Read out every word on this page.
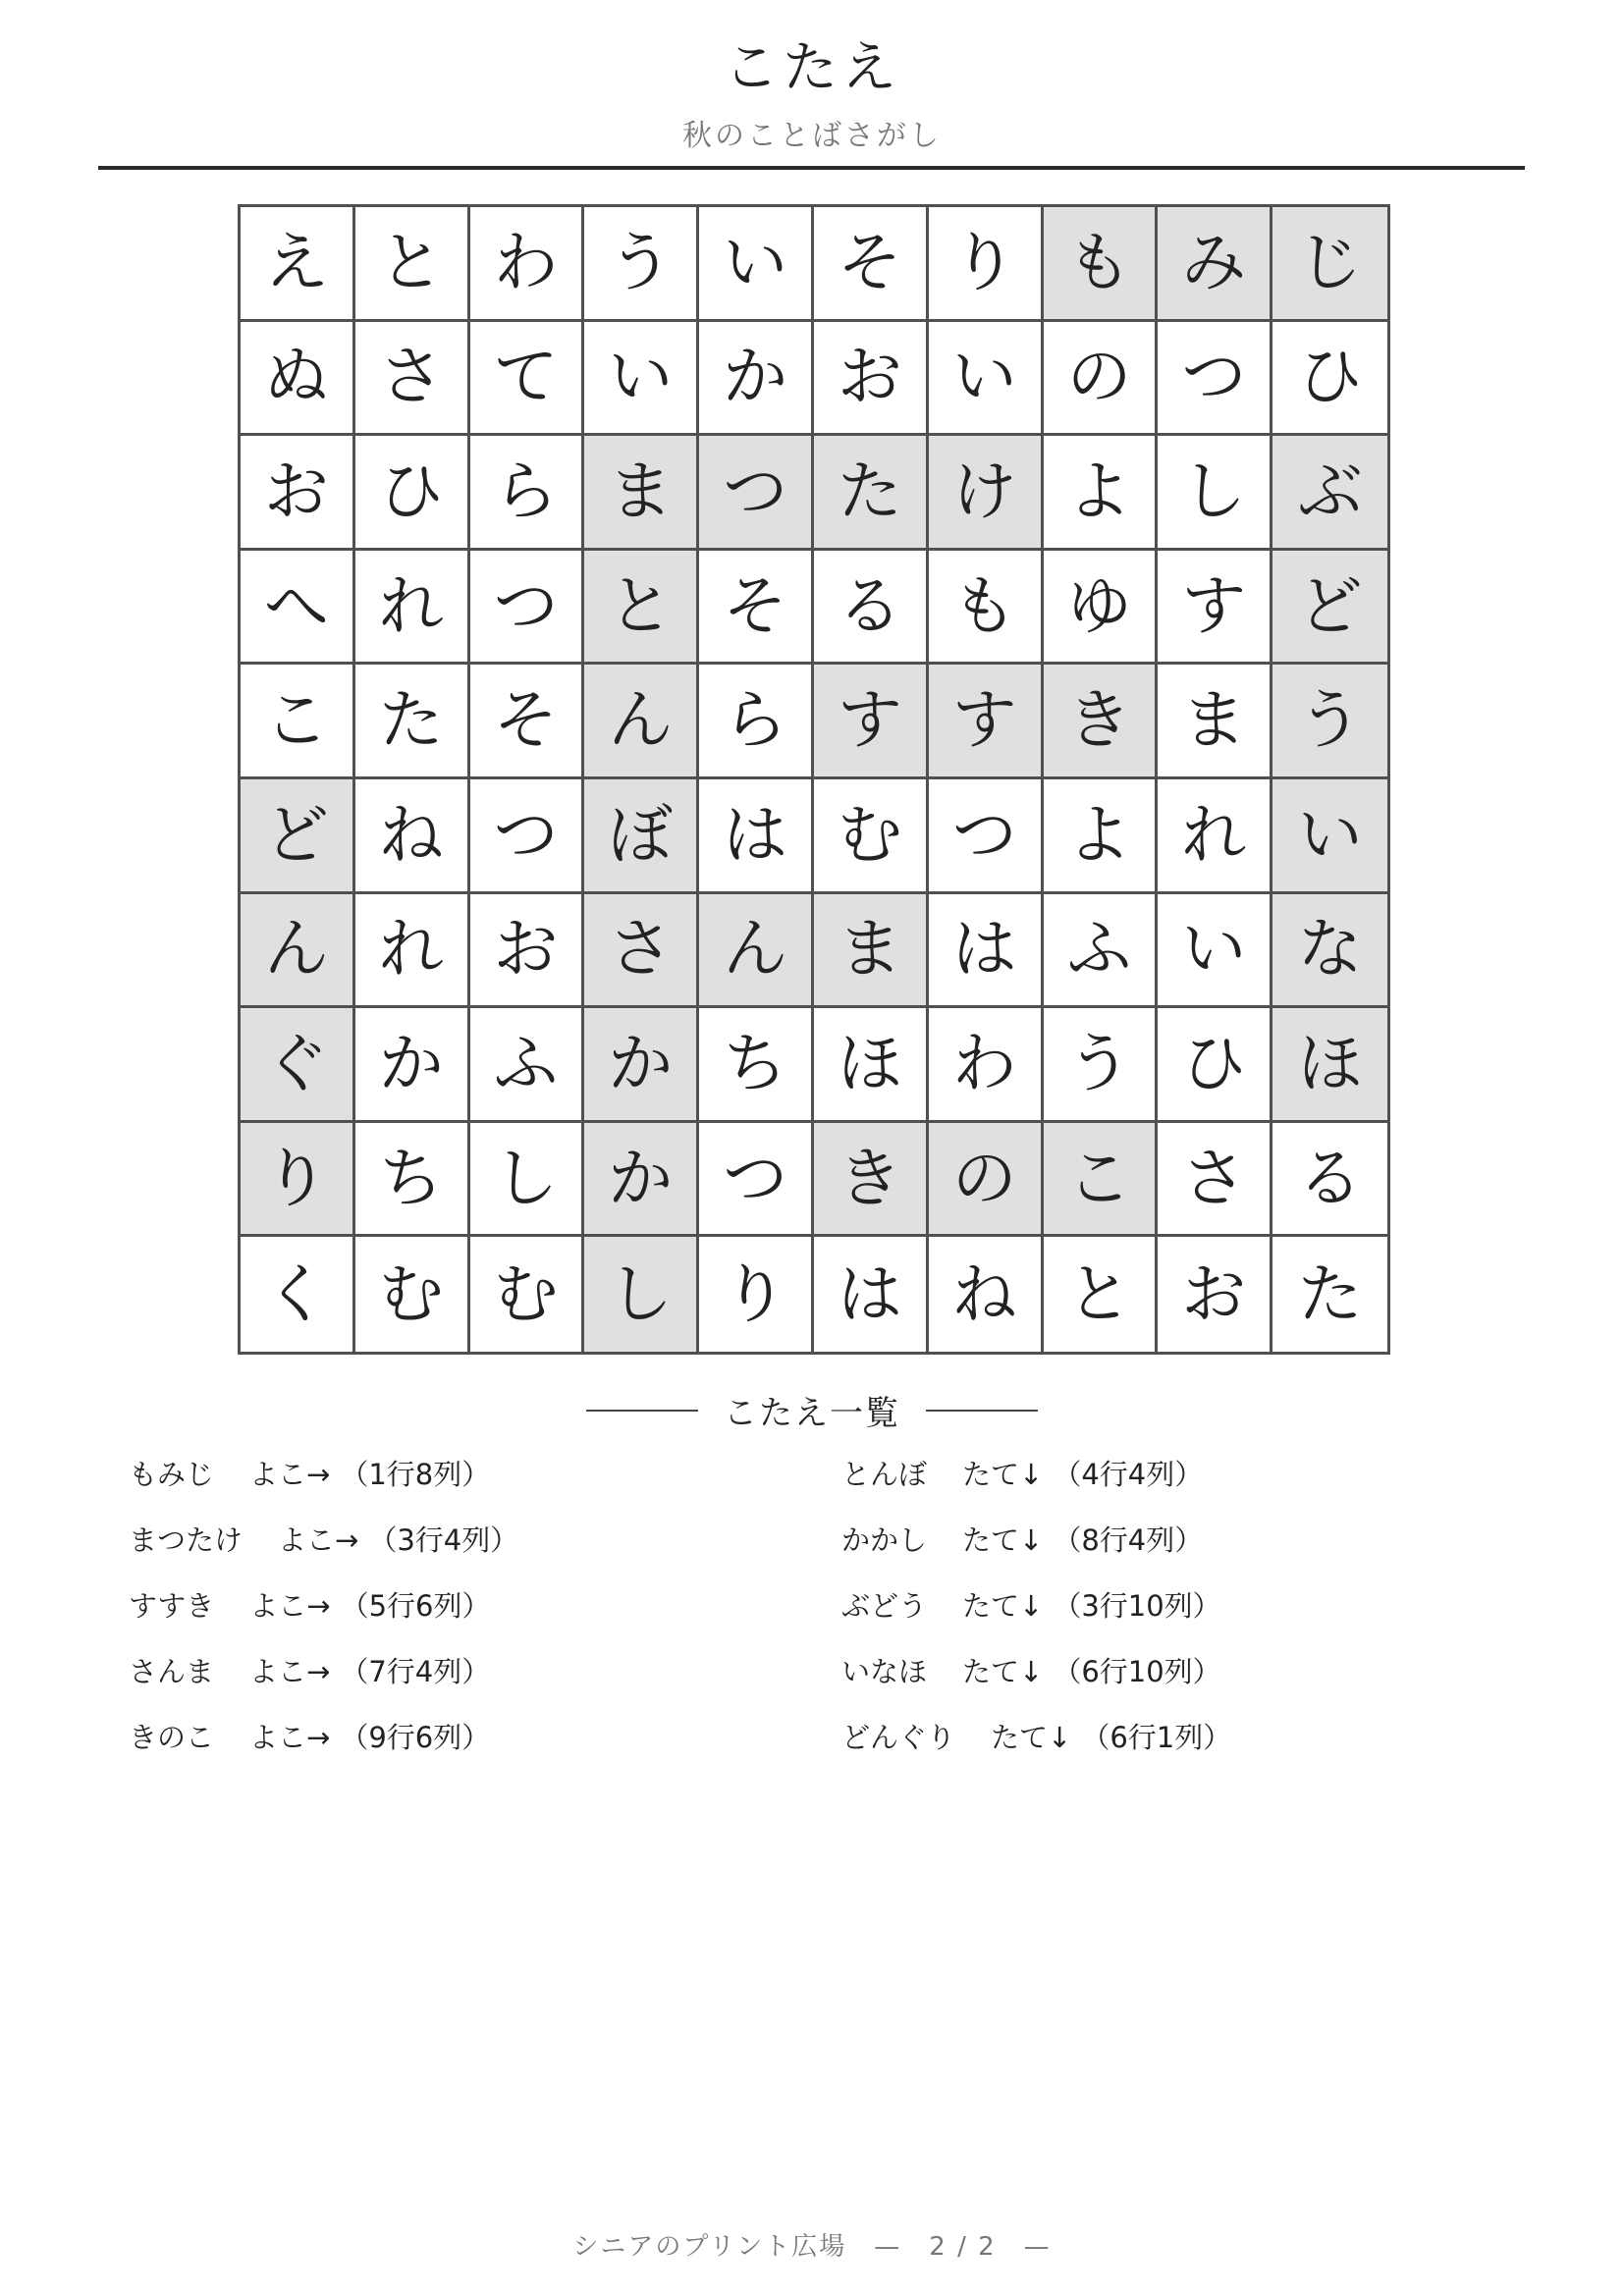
こたえ
秋のことばさがし
え と わ う い そ り も み じ
ぬ さ て い か お い の つ ひ
お ひ ら ま つ た け よ し ぶ
へ れ つ と そ る も ゆ す ど
こ た そ ん ら す す き ま う
ど ね つ ぼ は む つ よ れ い
ん れ お さ ん ま は ふ い な
ぐ か ふ か ち ほ わ う ひ ほ
り ち し か つ き の こ さ る
く む む し り は ね と お た
こたえ一覧
もみじ よこ→ （1行8列）
まつたけ よこ→ （3行4列）
すすき よこ→ （5行6列）
さんま よこ→ （7行4列）
きのこ よこ→ （9行6列）
とんぼ たて↓ （4行4列）
かかし たて↓ （8行4列）
ぶどう たて↓ （3行10列）
いなほ たて↓ （6行10列）
どんぐり たて↓ （6行1列）
シニアのプリント広場　—　2 / 2　—
